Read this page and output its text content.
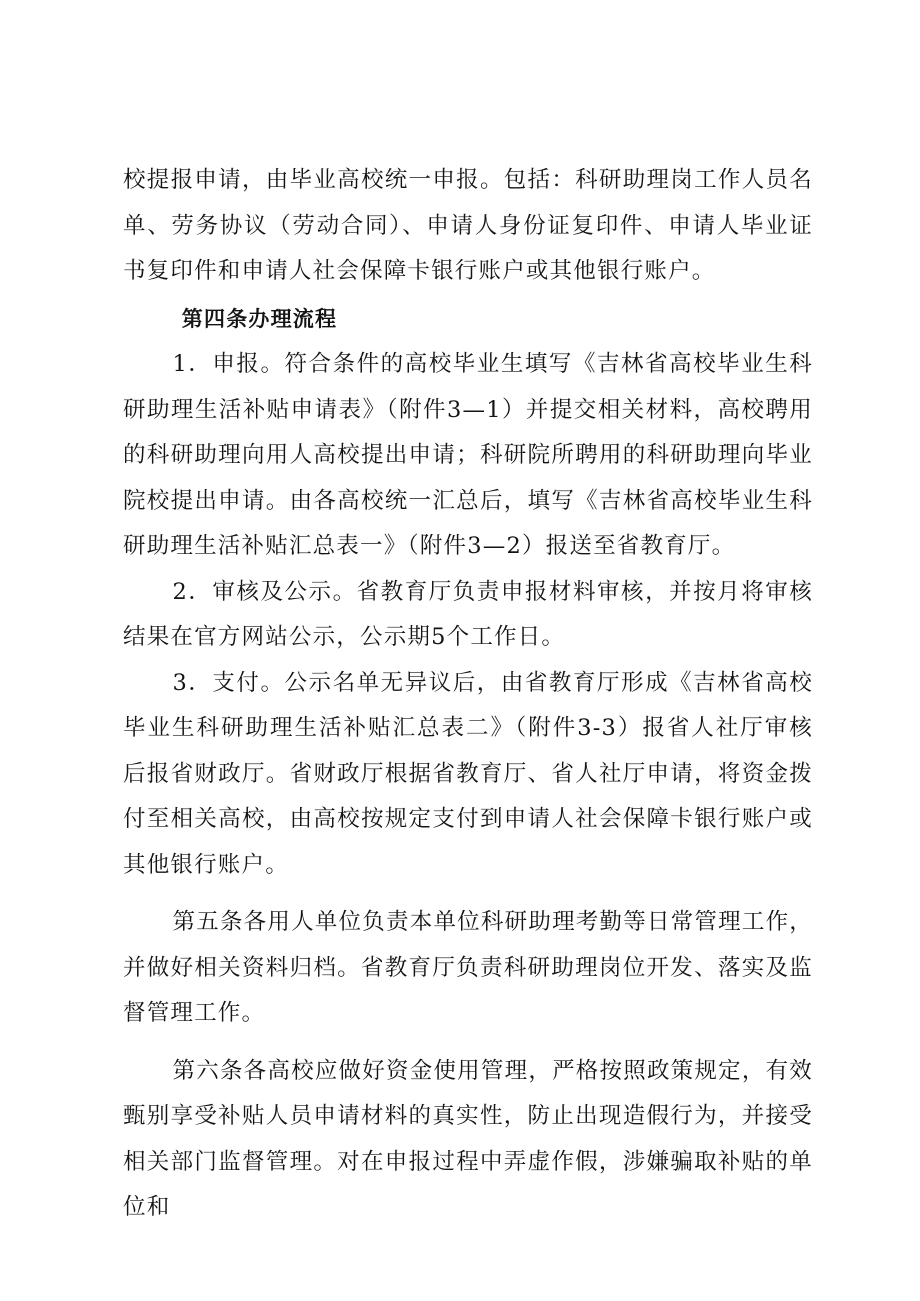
校提报申请，由毕业高校统一申报。包括：科研助理岗工作人员名单、劳务协议（劳动合同）、申请人身份证复印件、申请人毕业证书复印件和申请人社会保障卡银行账户或其他银行账户。

第四条办理流程

1．申报。符合条件的高校毕业生填写《吉林省高校毕业生科研助理生活补贴申请表》（附件3—1）并提交相关材料，高校聘用的科研助理向用人高校提出申请；科研院所聘用的科研助理向毕业院校提出申请。由各高校统一汇总后，填写《吉林省高校毕业生科研助理生活补贴汇总表一》（附件3—2）报送至省教育厅。

2．审核及公示。省教育厅负责申报材料审核，并按月将审核结果在官方网站公示，公示期5个工作日。

3．支付。公示名单无异议后，由省教育厅形成《吉林省高校毕业生科研助理生活补贴汇总表二》（附件3-3）报省人社厅审核后报省财政厅。省财政厅根据省教育厅、省人社厅申请，将资金拨付至相关高校，由高校按规定支付到申请人社会保障卡银行账户或其他银行账户。

第五条各用人单位负责本单位科研助理考勤等日常管理工作，并做好相关资料归档。省教育厅负责科研助理岗位开发、落实及监督管理工作。

第六条各高校应做好资金使用管理，严格按照政策规定，有效甄别享受补贴人员申请材料的真实性，防止出现造假行为，并接受相关部门监督管理。对在申报过程中弄虚作假，涉嫌骗取补贴的单位和
